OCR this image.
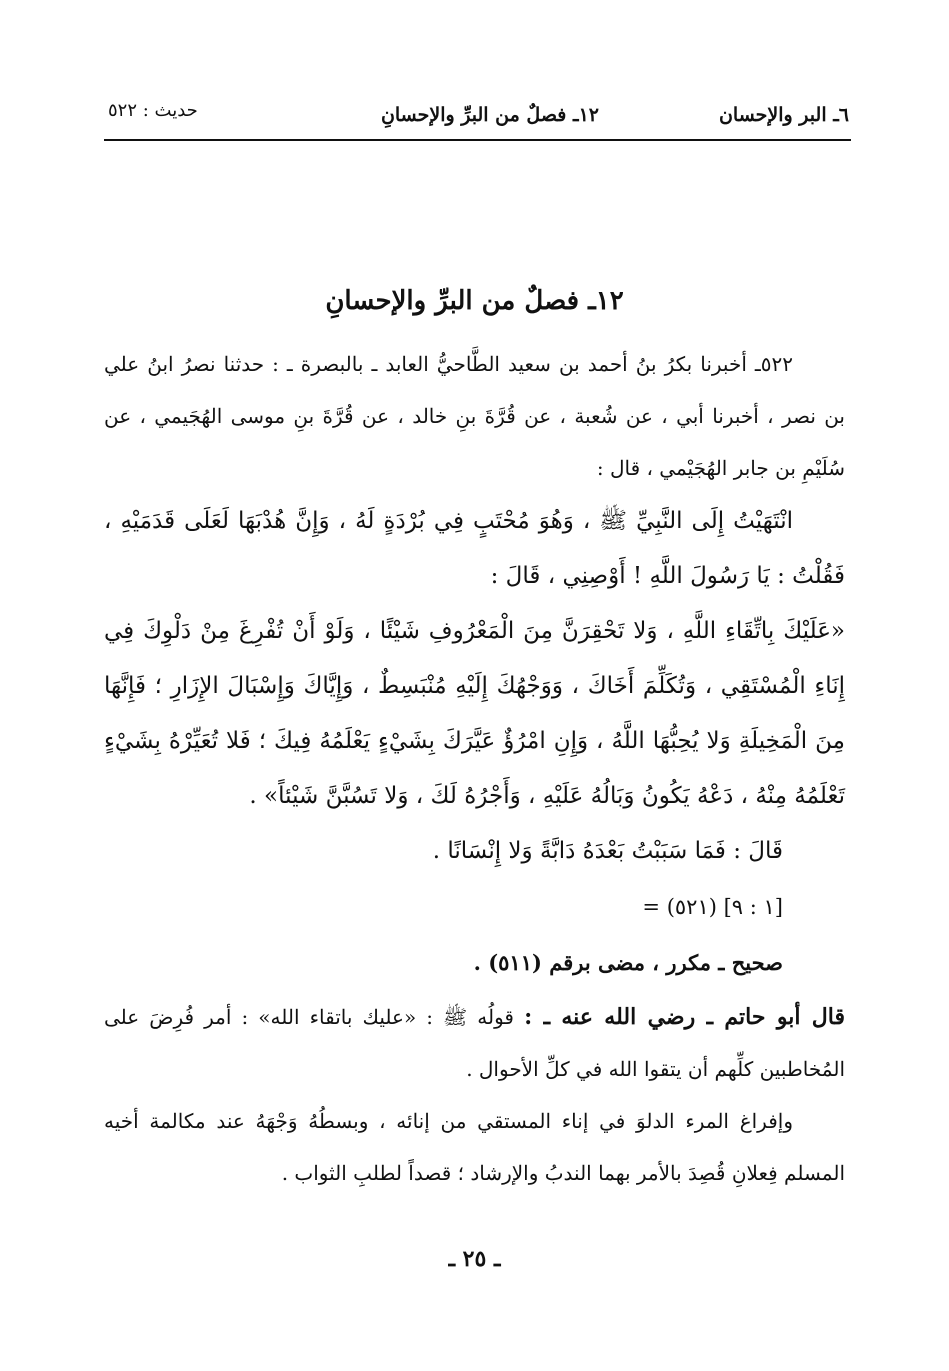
٦ـ البر والإحسان
١٢ـ فصلٌ من البرِّ والإحسانِ
حديث : ٥٢٢
١٢ـ فصلٌ من البرِّ والإحسانِ

٥٢٢ـ أخبرنا بكرُ بنُ أحمد بن سعيد الطَّاحيُّ العابد ـ بالبصرة ـ : حدثنا نصرُ ابنُ علي بن نصر ، أخبرنا أبي ، عن شُعبة ، عن قُرَّةَ بنِ خالد ، عن قُرَّةَ بنِ موسى الهُجَيمي ، عن سُلَيْمِ بن جابر الهُجَيْمي ، قال :

انْتَهَيْتُ إِلَى النَّبِيِّ ﷺ ، وَهُوَ مُحْتَبٍ فِي بُرْدَةٍ لَهُ ، وَإِنَّ هُدْبَهَا لَعَلَى قَدَمَيْهِ ، فَقُلْتُ : يَا رَسُولَ اللَّهِ ! أَوْصِنِي ، قَالَ :

«عَلَيْكَ بِاتِّقَاءِ اللَّهِ ، وَلا تَحْقِرَنَّ مِنَ الْمَعْرُوفِ شَيْئًا ، وَلَوْ أَنْ تُفْرِغَ مِنْ دَلْوِكَ فِي إِنَاءِ الْمُسْتَقِي ، وَتُكَلِّمَ أَخَاكَ ، وَوَجْهُكَ إِلَيْهِ مُنْبَسِطٌ ، وَإِيَّاكَ وَإِسْبَالَ الإِزَارِ ؛ فَإِنَّهَا مِنَ الْمَخِيلَةِ وَلا يُحِبُّهَا اللَّهُ ، وَإِنِ امْرُؤٌ عَيَّرَكَ بِشَيْءٍ يَعْلَمُهُ فِيكَ ؛ فَلا تُعَيِّرْهُ بِشَيْءٍ تَعْلَمُهُ مِنْهُ ، دَعْهُ يَكُونُ وَبَالُهُ عَلَيْهِ ، وَأَجْرُهُ لَكَ ، وَلا تَسُبَّنَّ شَيْئاً» .

قَالَ : فَمَا سَبَبْتُ بَعْدَهُ دَابَّةً وَلا إِنْسَانًا .

= (٥٢١) [١ : ٩]

صحيح ـ مكرر ، مضى برقم (٥١١) .

قال أبو حاتم ـ رضي الله عنه ـ : قولُه ﷺ : «عليك باتقاء الله» : أمر فُرِضَ على المُخاطبين كلِّهم أن يتقوا الله في كلِّ الأحوال .

وإفراغ المرء الدلوَ في إناء المستقي من إنائه ، وبسطُهُ وَجْهَهُ عند مكالمة أخيه المسلم فِعلانِ قُصِدَ بالأمر بهما الندبُ والإرشاد ؛ قصداً لطلبِ الثواب .

ـ ٢٥ ـ
